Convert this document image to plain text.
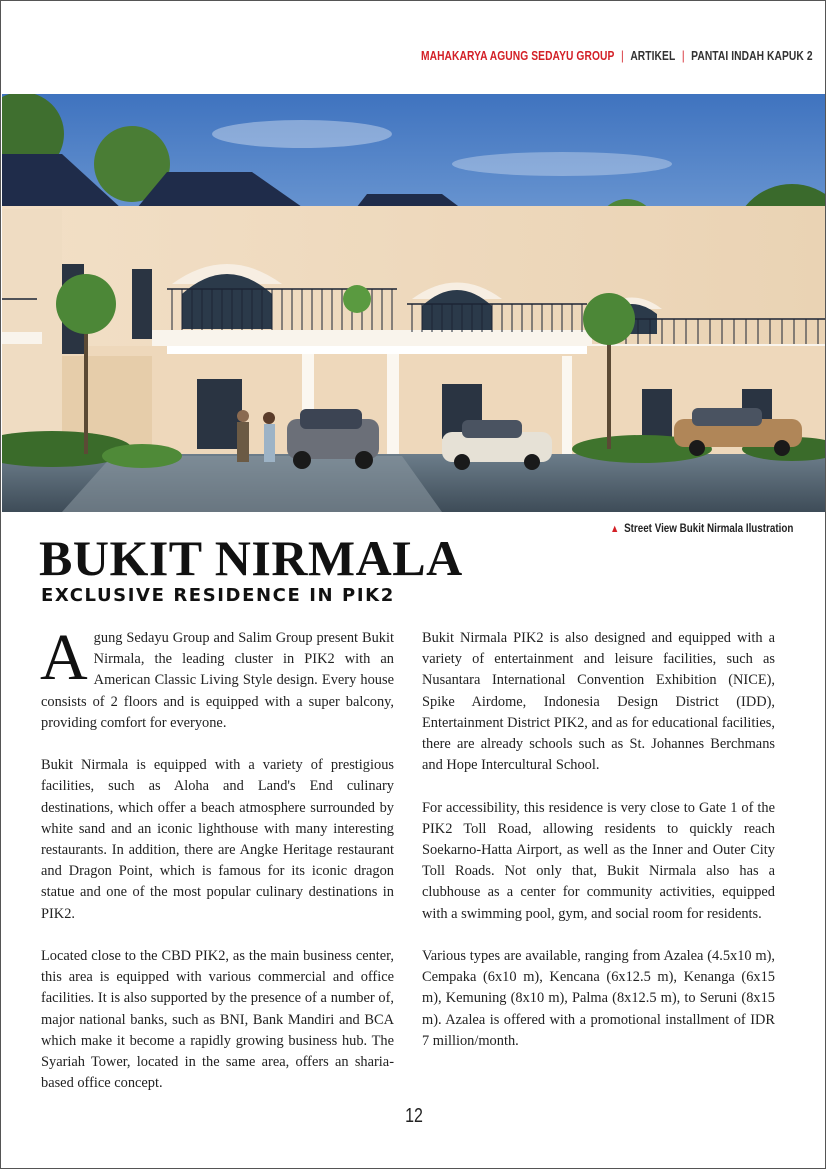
MAHAKARYA AGUNG SEDAYU GROUP | ARTIKEL | PANTAI INDAH KAPUK 2
▲ Street View Bukit Nirmala Ilustration
BUKIT NIRMALA
EXCLUSIVE RESIDENCE IN PIK2

Agung Sedayu Group and Salim Group present Bukit Nirmala, the leading cluster in PIK2 with an American Classic Living Style design. Every house consists of 2 floors and is equipped with a super balcony, providing comfort for everyone.

Bukit Nirmala is equipped with a variety of prestigious facilities, such as Aloha and Land's End culinary destinations, which offer a beach atmosphere surrounded by white sand and an iconic lighthouse with many interesting restaurants. In addition, there are Angke Heritage restaurant and Dragon Point, which is famous for its iconic dragon statue and one of the most popular culinary destinations in PIK2.

Located close to the CBD PIK2, as the main business center, this area is equipped with various commercial and office facilities. It is also supported by the presence of a number of, major national banks, such as BNI, Bank Mandiri and BCA which make it become a rapidly growing business hub. The Syariah Tower, located in the same area, offers an sharia-based office concept.

Bukit Nirmala PIK2 is also designed and equipped with a variety of entertainment and leisure facilities, such as Nusantara International Convention Exhibition (NICE), Spike Airdome, Indonesia Design District (IDD), Entertainment District PIK2, and as for educational facilities, there are already schools such as St. Johannes Berchmans and Hope Intercultural School.

For accessibility, this residence is very close to Gate 1 of the PIK2 Toll Road, allowing residents to quickly reach Soekarno-Hatta Airport, as well as the Inner and Outer City Toll Roads. Not only that, Bukit Nirmala also has a clubhouse as a center for community activities, equipped with a swimming pool, gym, and social room for residents.

Various types are available, ranging from Azalea (4.5x10 m), Cempaka (6x10 m), Kencana (6x12.5 m), Kenanga (6x15 m), Kemuning (8x10 m), Palma (8x12.5 m), to Seruni (8x15 m). Azalea is offered with a promotional installment of IDR 7 million/month.

12
